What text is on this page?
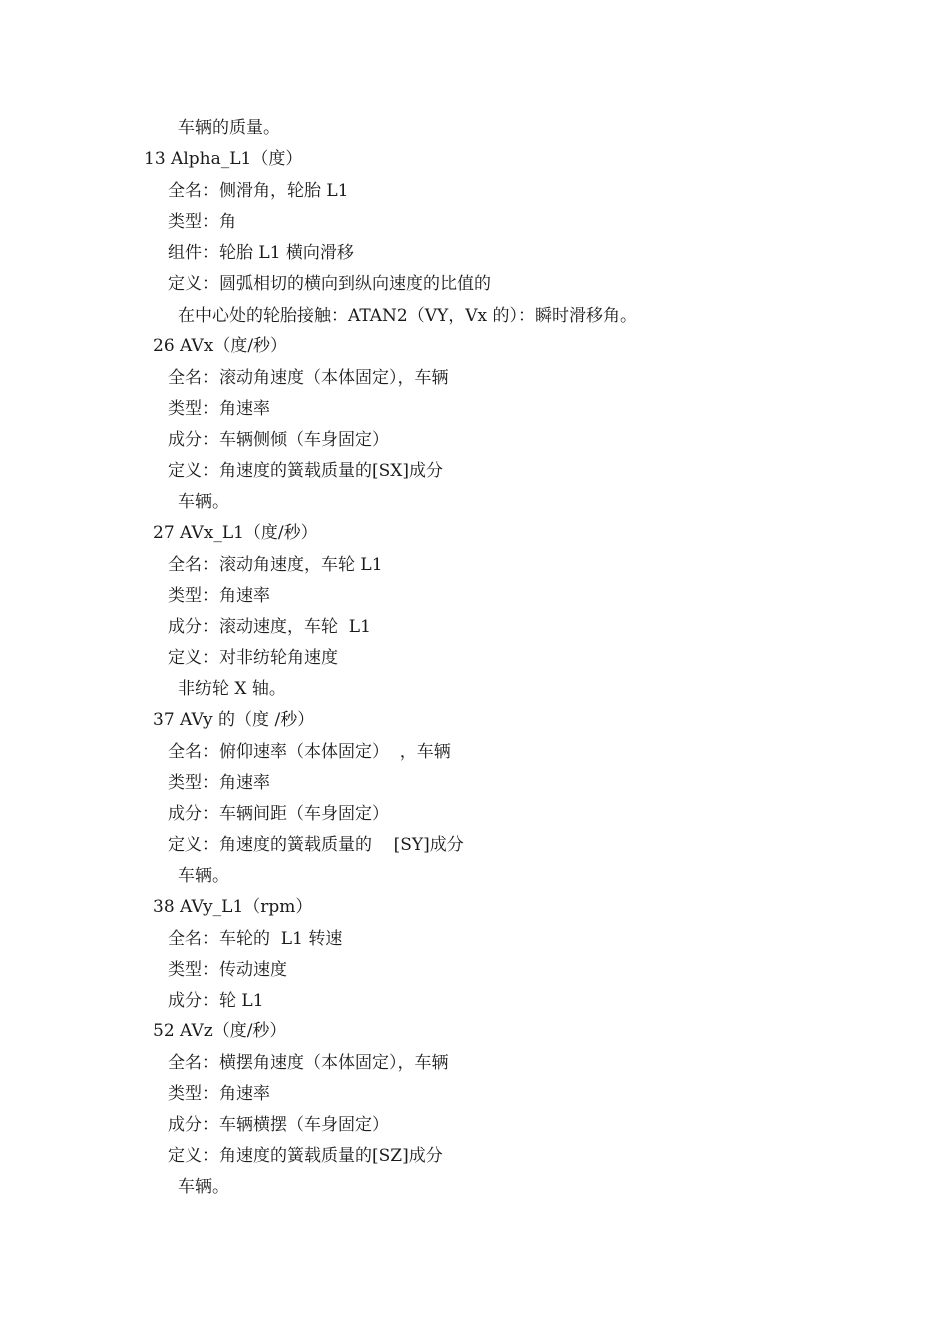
车辆的质量。
13 Alpha_L1（度）
全名：侧滑角，轮胎 L1
类型：角
组件：轮胎 L1 横向滑移
定义：圆弧相切的横向到纵向速度的比值的
在中心处的轮胎接触：ATAN2（VY，Vx 的）：瞬时滑移角。
26 AVx（度/秒）
全名：滚动角速度（本体固定），车辆
类型：角速率
成分：车辆侧倾（车身固定）
定义：角速度的簧载质量的[SX]成分
车辆。
27 AVx_L1（度/秒）
全名：滚动角速度，车轮 L1
类型：角速率
成分：滚动速度，车轮  L1
定义：对非纺轮角速度
非纺轮 X 轴。
37 AVy 的（度 /秒）
全名：俯仰速率（本体固定）  ，车辆
类型：角速率
成分：车辆间距（车身固定）
定义：角速度的簧载质量的    [SY]成分
车辆。
38 AVy_L1（rpm）
全名：车轮的  L1 转速
类型：传动速度
成分：轮 L1
52 AVz（度/秒）
全名：横摆角速度（本体固定），车辆
类型：角速率
成分：车辆横摆（车身固定）
定义：角速度的簧载质量的[SZ]成分
车辆。
